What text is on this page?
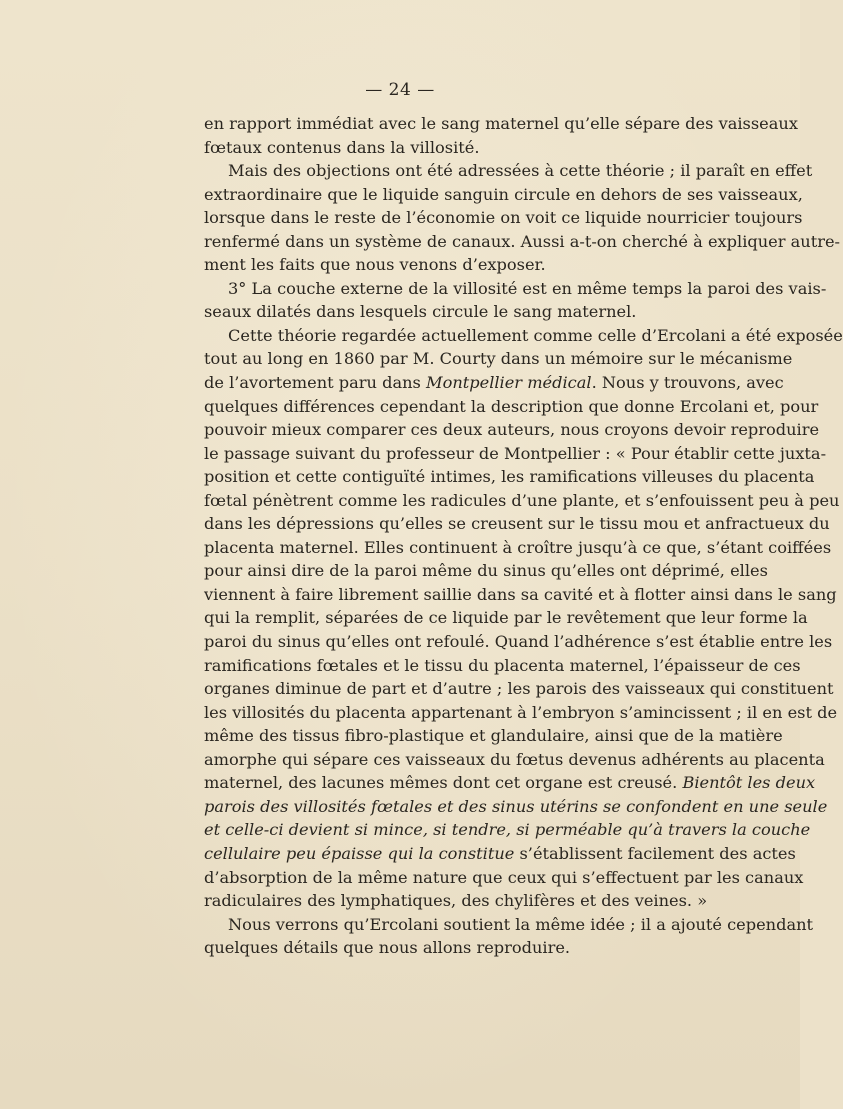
— 24 —
en rapport immédiat avec le sang maternel qu’elle sépare des vaisseaux
fœtaux contenus dans la villosité.
Mais des objections ont été adressées à cette théorie ; il paraît en effet
extraordinaire que le liquide sanguin circule en dehors de ses vaisseaux,
lorsque dans le reste de l’économie on voit ce liquide nourricier toujours
renfermé dans un système de canaux. Aussi a-t-on cherché à expliquer autre-
ment les faits que nous venons d’exposer.
3° La couche externe de la villosité est en même temps la paroi des vais-
seaux dilatés dans lesquels circule le sang maternel.
Cette théorie regardée actuellement comme celle d’Ercolani a été exposée
tout au long en 1860 par M. Courty dans un mémoire sur le mécanisme
de l’avortement paru dans Montpellier médical. Nous y trouvons, avec
quelques différences cependant la description que donne Ercolani et, pour
pouvoir mieux comparer ces deux auteurs, nous croyons devoir reproduire
le passage suivant du professeur de Montpellier : « Pour établir cette juxta-
position et cette contiguïté intimes, les ramifications villeuses du placenta
fœtal pénètrent comme les radicules d’une plante, et s’enfouissent peu à peu
dans les dépressions qu’elles se creusent sur le tissu mou et anfractueux du
placenta maternel. Elles continuent à croître jusqu’à ce que, s’étant coiffées
pour ainsi dire de la paroi même du sinus qu’elles ont déprimé, elles
viennent à faire librement saillie dans sa cavité et à flotter ainsi dans le sang
qui la remplit, séparées de ce liquide par le revêtement que leur forme la
paroi du sinus qu’elles ont refoulé. Quand l’adhérence s’est établie entre les
ramifications fœtales et le tissu du placenta maternel, l’épaisseur de ces
organes diminue de part et d’autre ; les parois des vaisseaux qui constituent
les villosités du placenta appartenant à l’embryon s’amincissent ; il en est de
même des tissus fibro-plastique et glandulaire, ainsi que de la matière
amorphe qui sépare ces vaisseaux du fœtus devenus adhérents au placenta
maternel, des lacunes mêmes dont cet organe est creusé. Bientôt les deux
parois des villosités fœtales et des sinus utérins se confondent en une seule
et celle-ci devient si mince, si tendre, si perméable qu’à travers la couche
cellulaire peu épaisse qui la constitue s’établissent facilement des actes
d’absorption de la même nature que ceux qui s’effectuent par les canaux
radiculaires des lymphatiques, des chylifères et des veines. »
Nous verrons qu’Ercolani soutient la même idée ; il a ajouté cependant
quelques détails que nous allons reproduire.
